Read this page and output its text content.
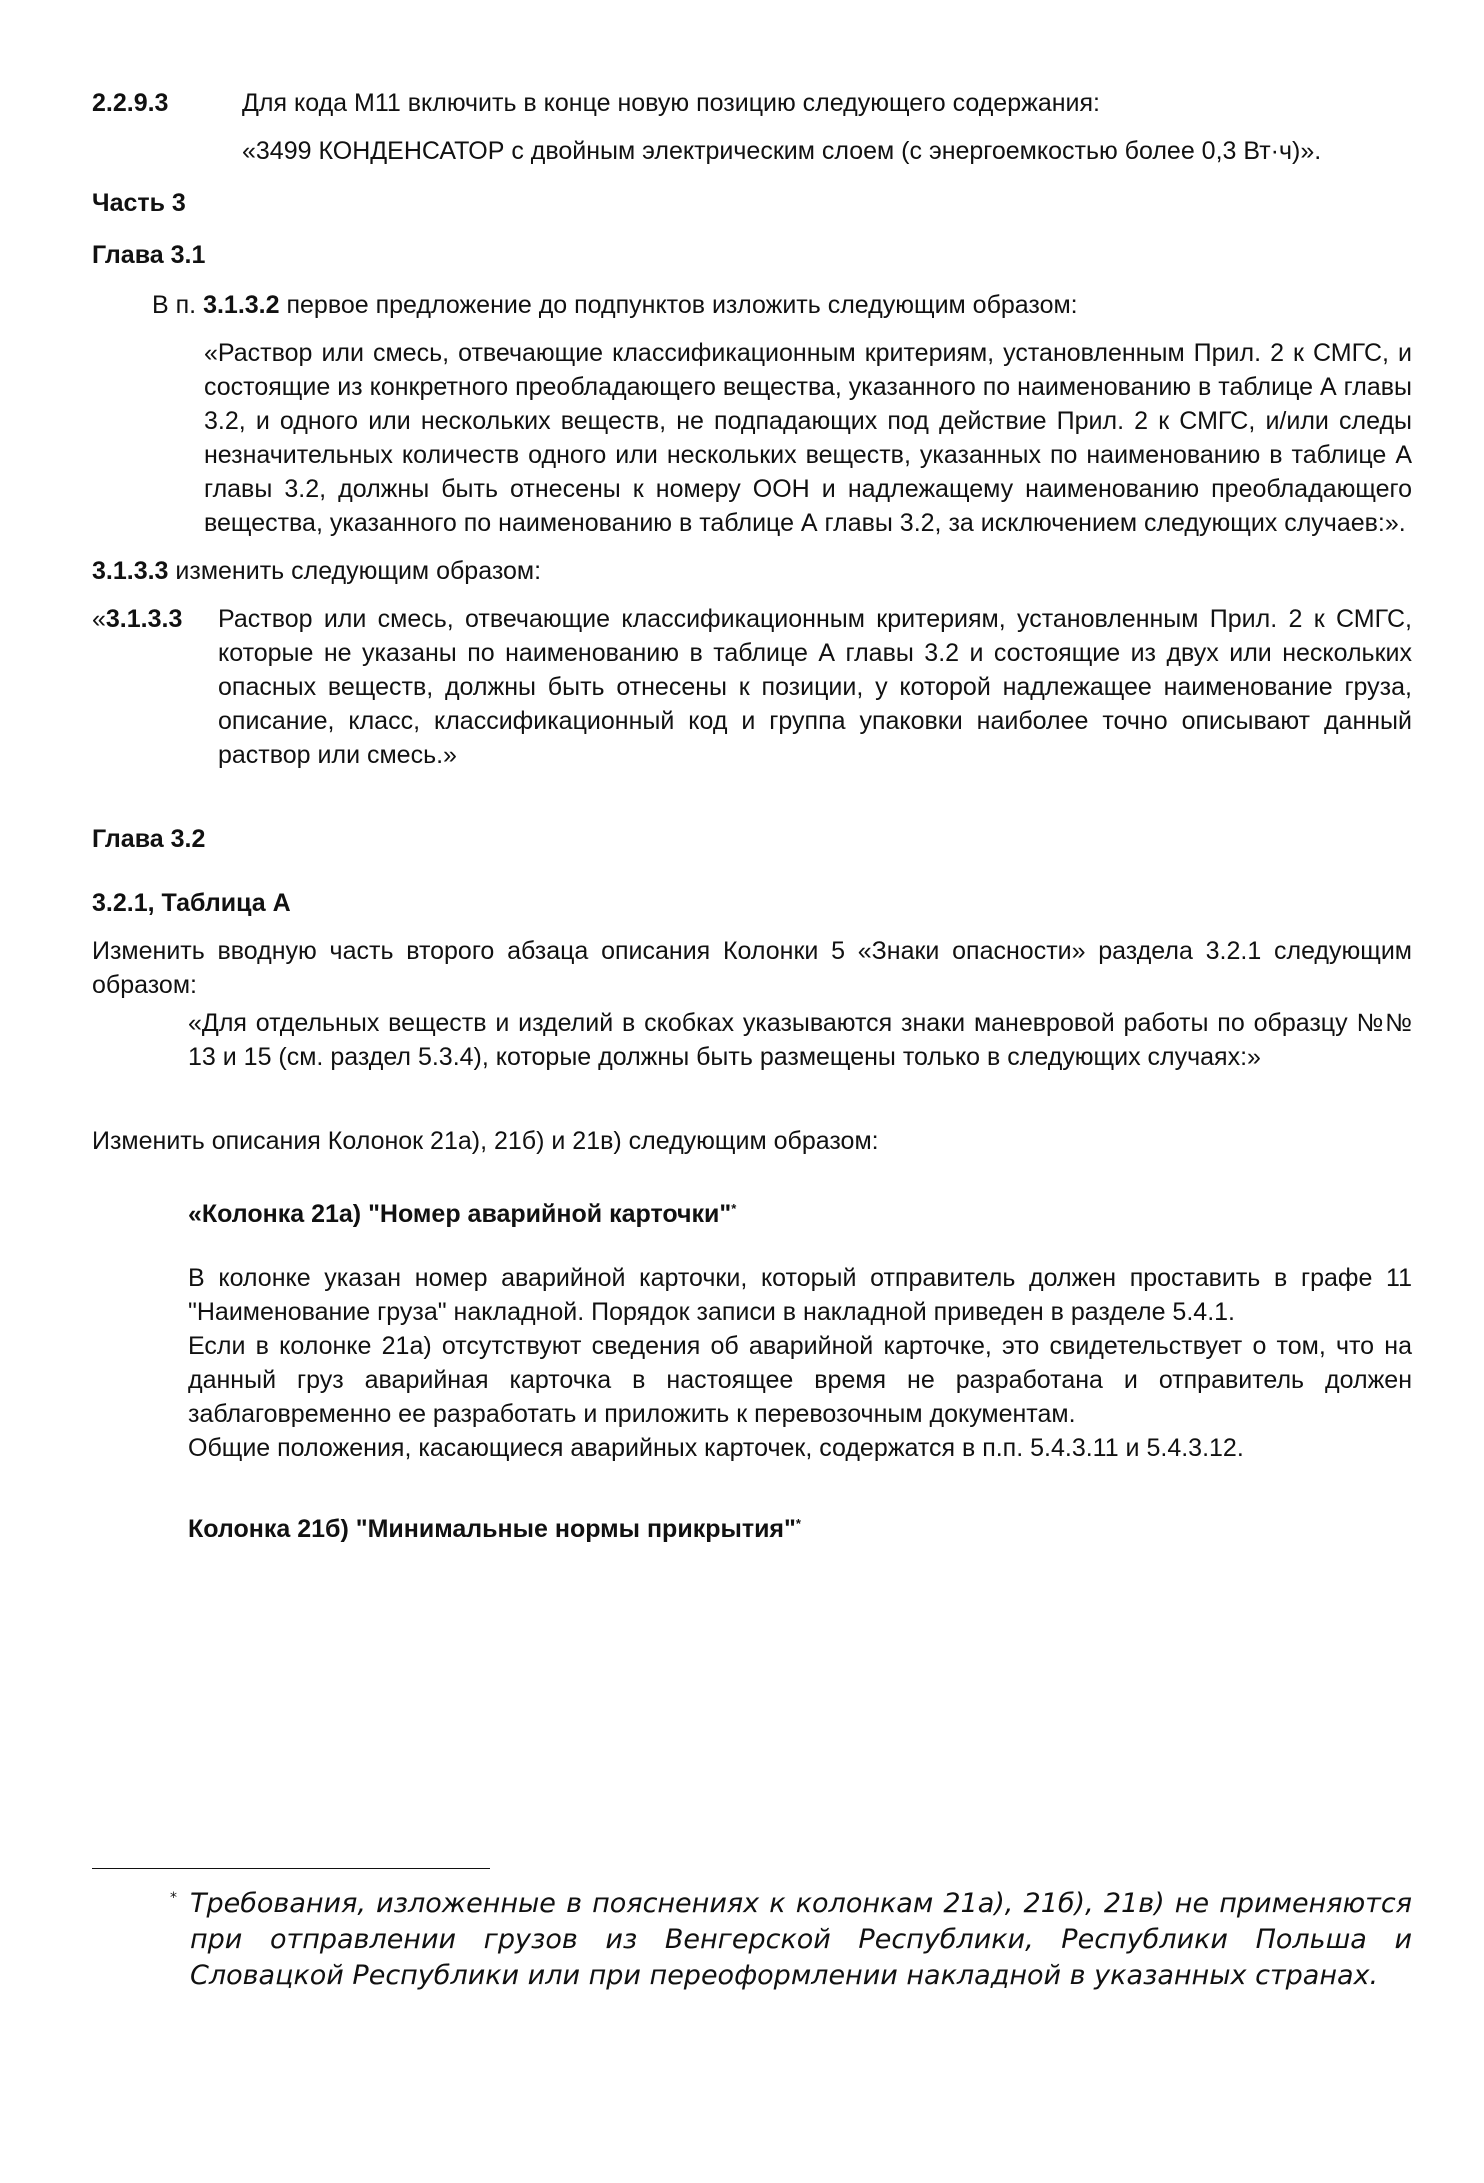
2.2.9.3	Для кода М11 включить в конце новую позицию следующего содержания:

«3499 КОНДЕНСАТОР с двойным электрическим слоем (с энергоемкостью более 0,3 Вт·ч)».

Часть 3

Глава 3.1

В п. 3.1.3.2 первое предложение до подпунктов изложить следующим образом:

«Раствор или смесь, отвечающие классификационным критериям, установленным Прил. 2 к СМГС, и состоящие из конкретного преобладающего вещества, указанного по наименованию в таблице А главы 3.2, и одного или нескольких веществ, не подпадающих под действие Прил. 2 к СМГС, и/или следы незначительных количеств одного или нескольких веществ, указанных по наименованию в таблице А главы 3.2, должны быть отнесены к номеру ООН и надлежащему наименованию преобладающего вещества, указанного по наименованию в таблице А главы 3.2, за исключением следующих случаев:».

3.1.3.3 изменить следующим образом:

«3.1.3.3	Раствор или смесь, отвечающие классификационным критериям, установленным Прил. 2 к СМГС, которые не указаны по наименованию в таблице А главы 3.2 и состоящие из двух или нескольких опасных веществ, должны быть отнесены к позиции, у которой надлежащее наименование груза, описание, класс, классификационный код и группа упаковки наиболее точно описывают данный раствор или смесь.»

Глава 3.2

3.2.1, Таблица А

Изменить вводную часть второго абзаца описания Колонки 5 «Знаки опасности» раздела 3.2.1 следующим образом:

«Для отдельных веществ и изделий в скобках указываются знаки маневровой работы по образцу №№ 13 и 15 (см. раздел 5.3.4), которые должны быть размещены только в следующих случаях:»

Изменить описания Колонок 21а), 21б) и 21в) следующим образом:

«Колонка 21а) "Номер аварийной карточки"*

В колонке указан номер аварийной карточки, который отправитель должен проставить в графе 11 "Наименование груза" накладной. Порядок записи в накладной приведен в разделе 5.4.1.

Если в колонке 21а) отсутствуют сведения об аварийной карточке, это свидетельствует о том, что на данный груз аварийная карточка в настоящее время не разработана и отправитель должен заблаговременно ее разработать и приложить к перевозочным документам.

Общие положения, касающиеся аварийных карточек, содержатся в п.п. 5.4.3.11 и 5.4.3.12.

Колонка 21б) "Минимальные нормы прикрытия"*

* Требования, изложенные в пояснениях к колонкам 21а), 21б), 21в) не применяются при отправлении грузов из Венгерской Республики, Республики Польша и Словацкой Республики или при переоформлении накладной в указанных странах.
